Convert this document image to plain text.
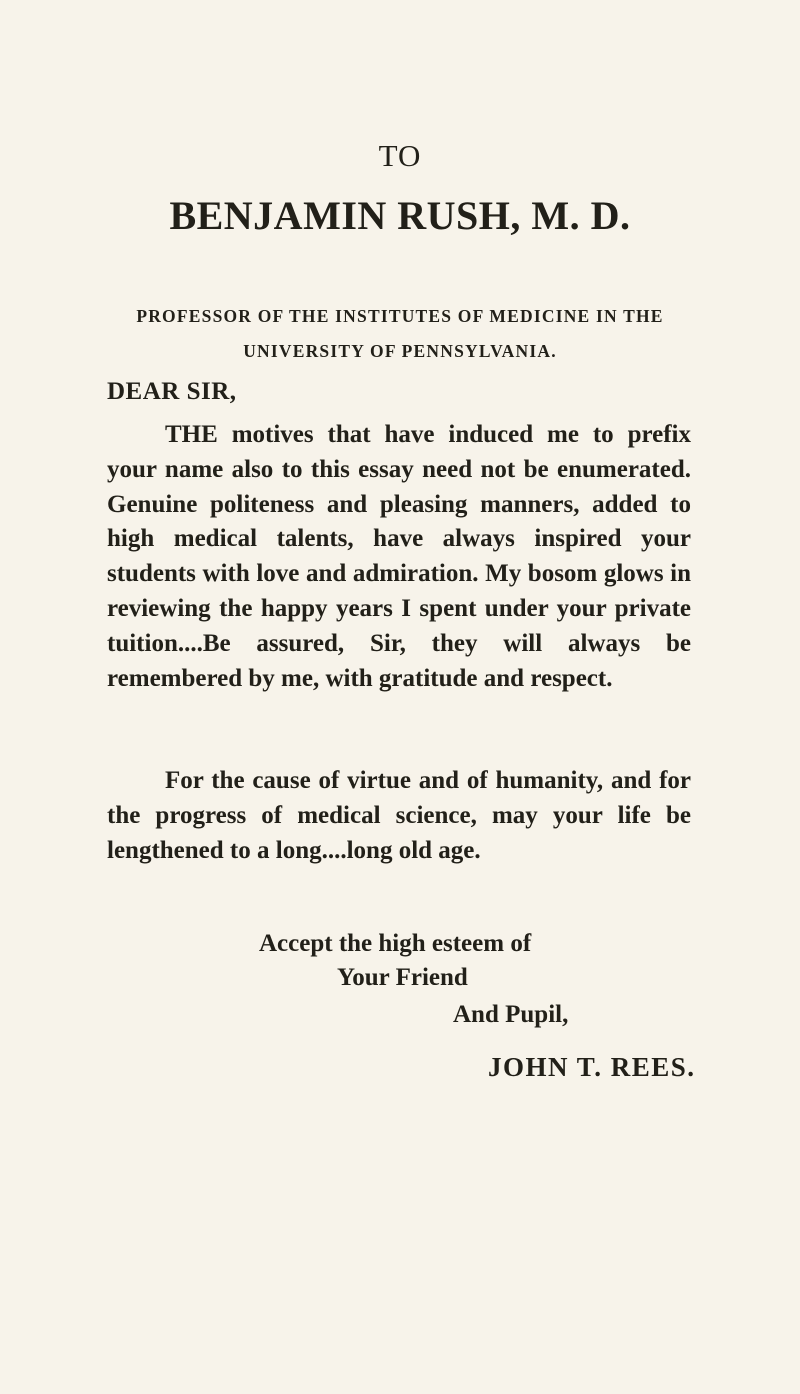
TO
BENJAMIN RUSH, M. D.
PROFESSOR OF THE INSTITUTES OF MEDICINE IN THE
UNIVERSITY OF PENNSYLVANIA.
DEAR SIR,

THE motives that have induced me to prefix your name also to this essay need not be enumerated. Genuine politeness and pleasing manners, added to high medical talents, have always inspired your students with love and admiration. My bosom glows in reviewing the happy years I spent under your private tuition....Be assured, Sir, they will always be remembered by me, with gratitude and respect.

For the cause of virtue and of humanity, and for the progress of medical science, may your life be lengthened to a long....long old age.

Accept the high esteem of
Your Friend
And Pupil,
JOHN T. REES.
